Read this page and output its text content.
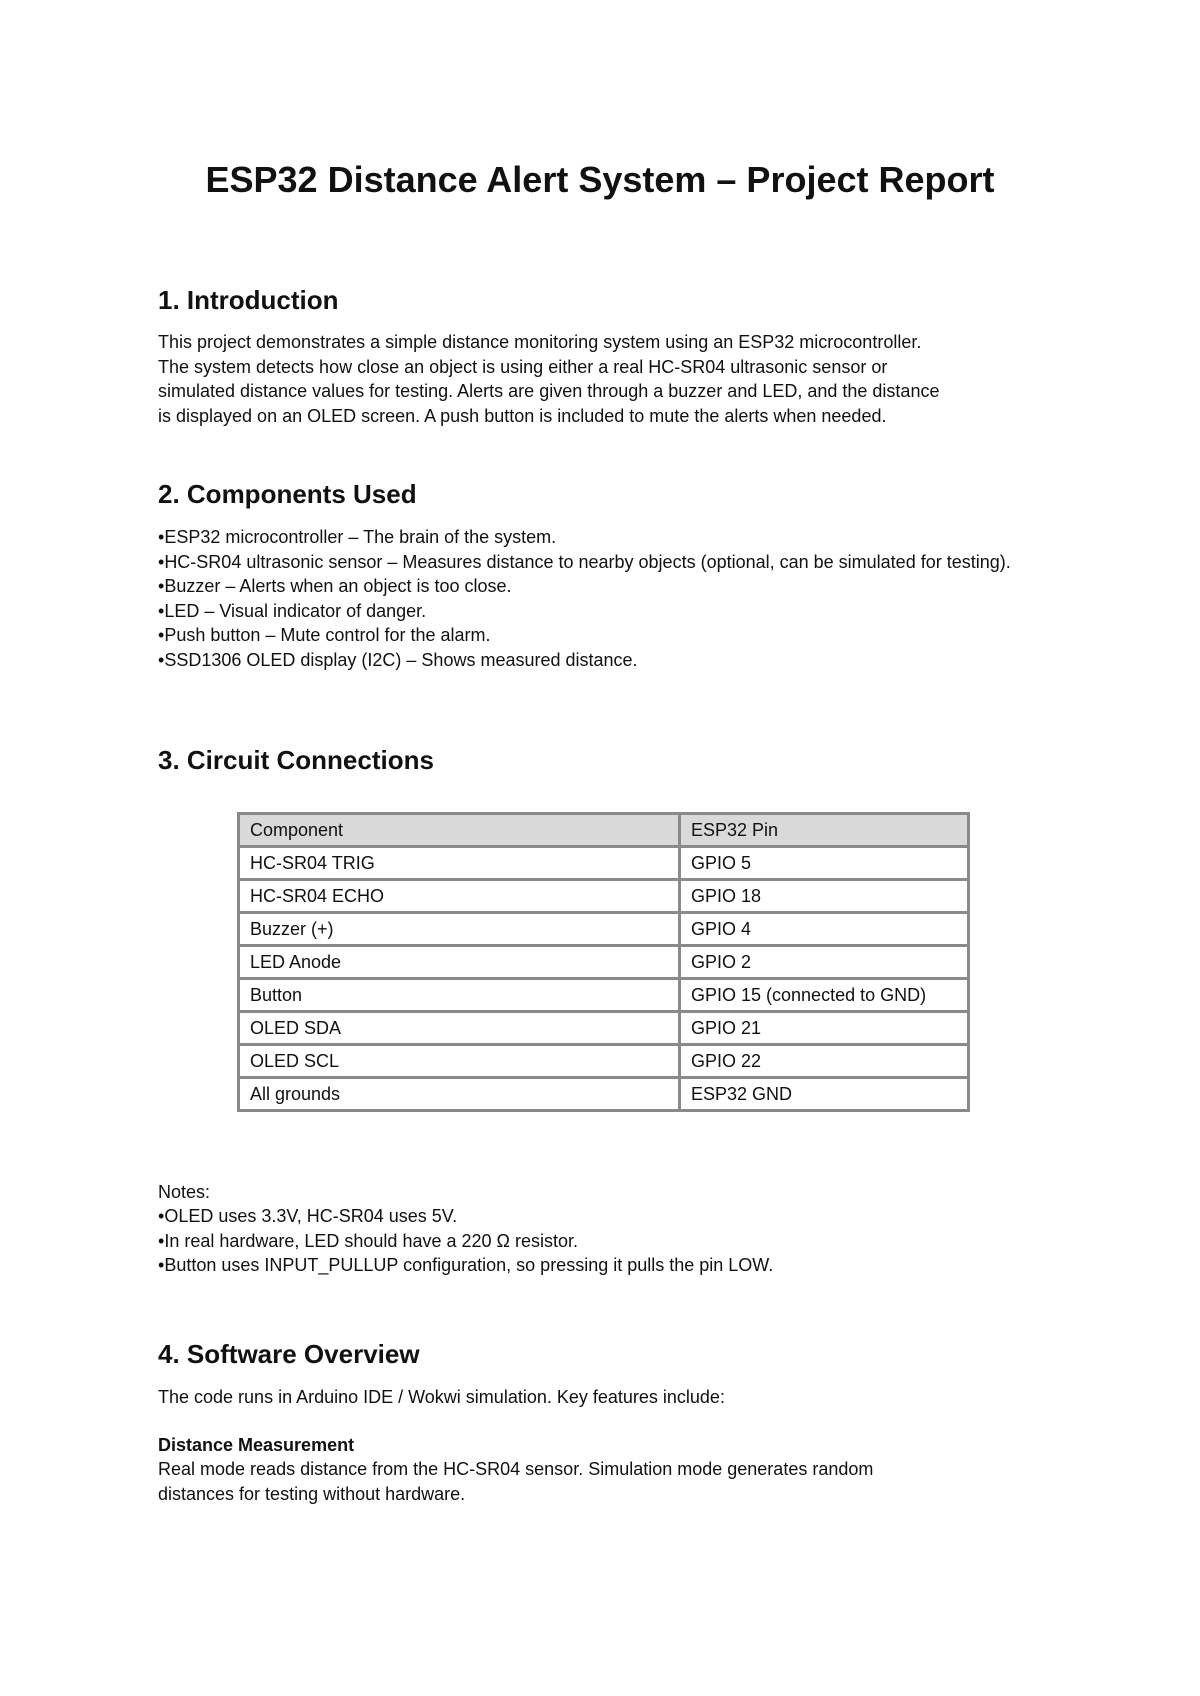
ESP32 Distance Alert System – Project Report
1. Introduction

This project demonstrates a simple distance monitoring system using an ESP32 microcontroller.
The system detects how close an object is using either a real HC-SR04 ultrasonic sensor or
simulated distance values for testing. Alerts are given through a buzzer and LED, and the distance
is displayed on an OLED screen. A push button is included to mute the alerts when needed.

2. Components Used
• ESP32 microcontroller – The brain of the system.
• HC-SR04 ultrasonic sensor – Measures distance to nearby objects (optional, can be simulated for testing).
• Buzzer – Alerts when an object is too close.
• LED – Visual indicator of danger.
• Push button – Mute control for the alarm.
• SSD1306 OLED display (I2C) – Shows measured distance.
3. Circuit Connections
Component	ESP32 Pin
HC-SR04 TRIG	GPIO 5
HC-SR04 ECHO	GPIO 18
Buzzer (+)	GPIO 4
LED Anode	GPIO 2
Button	GPIO 15 (connected to GND)
OLED SDA	GPIO 21
OLED SCL	GPIO 22
All grounds	ESP32 GND

Notes:

• OLED uses 3.3V, HC-SR04 uses 5V.
• In real hardware, LED should have a 220 Ω resistor.
• Button uses INPUT_PULLUP configuration, so pressing it pulls the pin LOW.
4. Software Overview

The code runs in Arduino IDE / Wokwi simulation. Key features include:

Distance Measurement

Real mode reads distance from the HC-SR04 sensor. Simulation mode generates random
distances for testing without hardware.
